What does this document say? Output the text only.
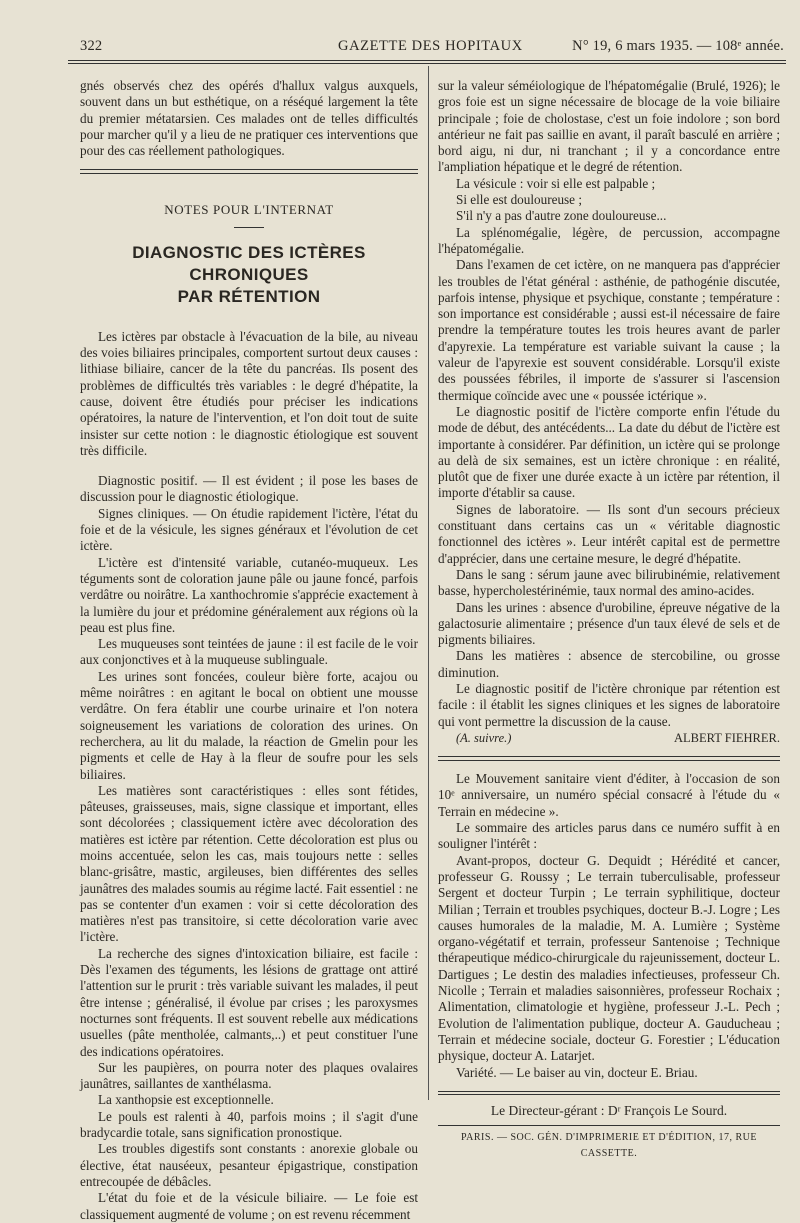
322	GAZETTE DES HOPITAUX	N° 19, 6 mars 1935. — 108ᵉ année.

gnés observés chez des opérés d'hallux valgus auxquels, souvent dans un but esthétique, on a réséqué largement la tête du premier métatarsien. Ces malades ont de telles difficultés pour marcher qu'il y a lieu de ne pratiquer ces interventions que pour des cas réellement pathologiques.

NOTES POUR L'INTERNAT
DIAGNOSTIC DES ICTÈRES CHRONIQUES
PAR RÉTENTION

Les ictères par obstacle à l'évacuation de la bile, au niveau des voies biliaires principales, comportent surtout deux causes : lithiase biliaire, cancer de la tête du pancréas. Ils posent des problèmes de difficultés très variables : le degré d'hépatite, la cause, doivent être étudiés pour préciser les indications opératoires, la nature de l'intervention, et l'on doit tout de suite insister sur cette notion : le diagnostic étiologique est souvent très difficile.

Diagnostic positif. — Il est évident ; il pose les bases de discussion pour le diagnostic étiologique.

Signes cliniques. — On étudie rapidement l'ictère, l'état du foie et de la vésicule, les signes généraux et l'évolution de cet ictère.

L'ictère est d'intensité variable, cutanéo-muqueux. Les téguments sont de coloration jaune pâle ou jaune foncé, parfois verdâtre ou noirâtre. La xanthochromie s'apprécie exactement à la lumière du jour et prédomine généralement aux régions où la peau est plus fine.

Les muqueuses sont teintées de jaune : il est facile de le voir aux conjonctives et à la muqueuse sublinguale.

Les urines sont foncées, couleur bière forte, acajou ou même noirâtres : en agitant le bocal on obtient une mousse verdâtre. On fera établir une courbe urinaire et l'on notera soigneusement les variations de coloration des urines. On recherchera, au lit du malade, la réaction de Gmelin pour les pigments et celle de Hay à la fleur de soufre pour les sels biliaires.

Les matières sont caractéristiques : elles sont fétides, pâteuses, graisseuses, mais, signe classique et important, elles sont décolorées ; classiquement ictère avec décoloration des matières est ictère par rétention. Cette décoloration est plus ou moins accentuée, selon les cas, mais toujours nette : selles blanc-grisâtre, mastic, argileuses, bien différentes des selles jaunâtres des malades soumis au régime lacté. Fait essentiel : ne pas se contenter d'un examen : voir si cette décoloration des matières n'est pas transitoire, si cette décoloration varie avec l'ictère.

La recherche des signes d'intoxication biliaire, est facile : Dès l'examen des téguments, les lésions de grattage ont attiré l'attention sur le prurit : très variable suivant les malades, il peut être intense ; généralisé, il évolue par crises ; les paroxysmes nocturnes sont fréquents. Il est souvent rebelle aux médications usuelles (pâte mentholée, calmants,..) et peut constituer l'une des indications opératoires.

Sur les paupières, on pourra noter des plaques ovalaires jaunâtres, saillantes de xanthélasma.

La xanthopsie est exceptionnelle.

Le pouls est ralenti à 40, parfois moins ; il s'agit d'une bradycardie totale, sans signification pronostique.

Les troubles digestifs sont constants : anorexie globale ou élective, état nauséeux, pesanteur épigastrique, constipation entrecoupée de débâcles.

L'état du foie et de la vésicule biliaire. — Le foie est classiquement augmenté de volume ; on est revenu récemment

sur la valeur séméiologique de l'hépatomégalie (Brulé, 1926); le gros foie est un signe nécessaire de blocage de la voie biliaire principale ; foie de cholostase, c'est un foie indolore ; son bord antérieur ne fait pas saillie en avant, il paraît basculé en arrière ; bord aigu, ni dur, ni tranchant ; il y a concordance entre l'ampliation hépatique et le degré de rétention.

La vésicule : voir si elle est palpable ;

Si elle est douloureuse ;

S'il n'y a pas d'autre zone douloureuse...

La splénomégalie, légère, de percussion, accompagne l'hépatomégalie.

Dans l'examen de cet ictère, on ne manquera pas d'apprécier les troubles de l'état général : asthénie, de pathogénie discutée, parfois intense, physique et psychique, constante ; température : son importance est considérable ; aussi est-il nécessaire de faire prendre la température toutes les trois heures avant de parler d'apyrexie. La température est variable suivant la cause ; la valeur de l'apyrexie est souvent considérable. Lorsqu'il existe des poussées fébriles, il importe de s'assurer si l'ascension thermique coïncide avec une « poussée ictérique ».

Le diagnostic positif de l'ictère comporte enfin l'étude du mode de début, des antécédents... La date du début de l'ictère est importante à considérer. Par définition, un ictère qui se prolonge au delà de six semaines, est un ictère chronique : en réalité, plutôt que de fixer une durée exacte à un ictère par rétention, il importe d'établir sa cause.

Signes de laboratoire. — Ils sont d'un secours précieux constituant dans certains cas un « véritable diagnostic fonctionnel des ictères ». Leur intérêt capital est de permettre d'apprécier, dans une certaine mesure, le degré d'hépatite.

Dans le sang : sérum jaune avec bilirubinémie, relativement basse, hypercholestérinémie, taux normal des amino-acides.

Dans les urines : absence d'urobiline, épreuve négative de la galactosurie alimentaire ; présence d'un taux élevé de sels et de pigments biliaires.

Dans les matières : absence de stercobiline, ou grosse diminution.

Le diagnostic positif de l'ictère chronique par rétention est facile : il établit les signes cliniques et les signes de laboratoire qui vont permettre la discussion de la cause.

(A. suivre.)	ALBERT FIEHRER.

Le Mouvement sanitaire vient d'éditer, à l'occasion de son 10ᵉ anniversaire, un numéro spécial consacré à l'étude du « Terrain en médecine ».

Le sommaire des articles parus dans ce numéro suffit à en souligner l'intérêt :

Avant-propos, docteur G. Dequidt ; Hérédité et cancer, professeur G. Roussy ; Le terrain tuberculisable, professeur Sergent et docteur Turpin ; Le terrain syphilitique, docteur Milian ; Terrain et troubles psychiques, docteur B.-J. Logre ; Les causes humorales de la maladie, M. A. Lumière ; Système organo-végétatif et terrain, professeur Santenoise ; Technique thérapeutique médico-chirurgicale du rajeunissement, docteur L. Dartigues ; Le destin des maladies infectieuses, professeur Ch. Nicolle ; Terrain et maladies saisonnières, professeur Rochaix ; Alimentation, climatologie et hygiène, professeur J.-L. Pech ; Evolution de l'alimentation publique, docteur A. Gauducheau ; Terrain et médecine sociale, docteur G. Forestier ; L'éducation physique, docteur A. Latarjet.

Variété. — Le baiser au vin, docteur E. Briau.

Le Directeur-gérant : Dʳ François Le Sourd.
PARIS. — SOC. GÉN. D'IMPRIMERIE ET D'ÉDITION, 17, RUE CASSETTE.
